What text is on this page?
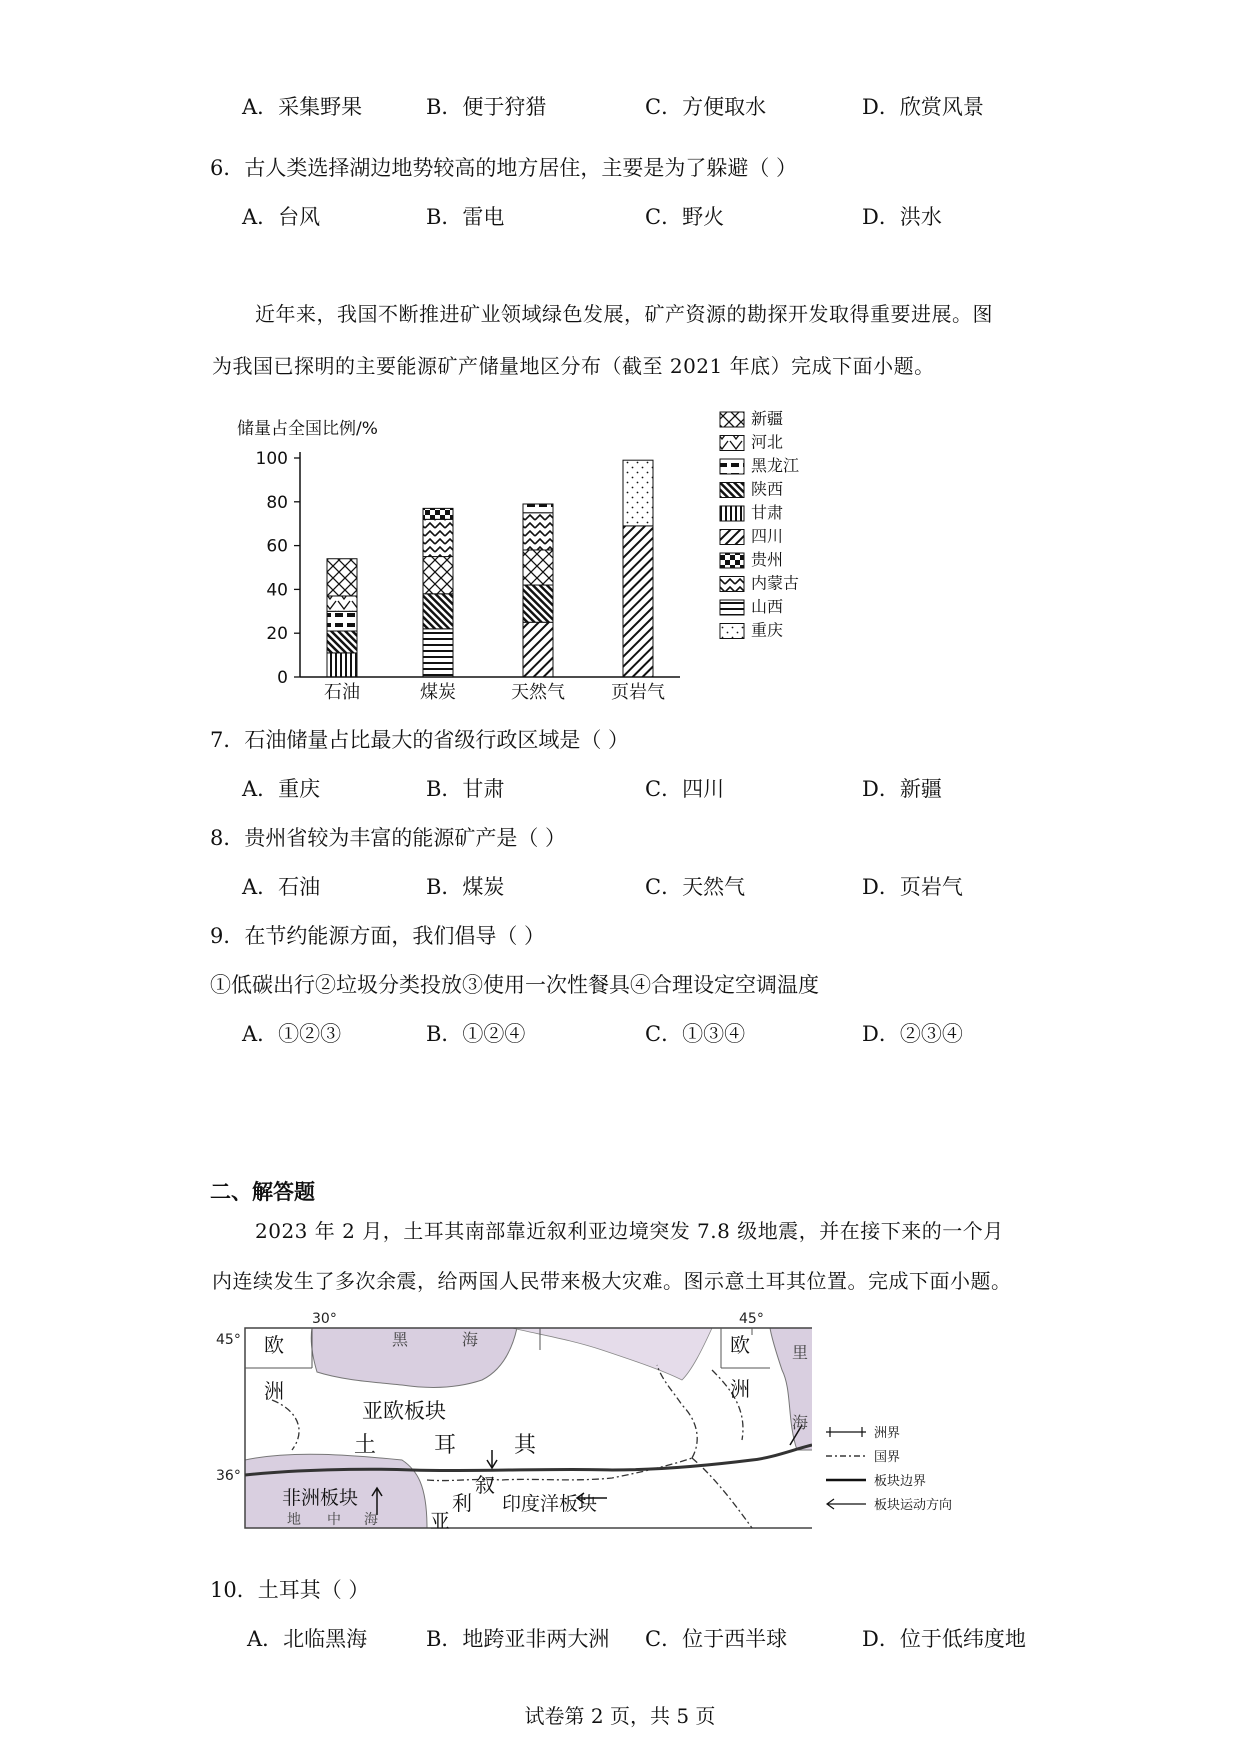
A．采集野果	B．便于狩猎	C．方便取水	D．欣赏风景
6．古人类选择湖边地势较高的地方居住，主要是为了躲避（ ）
A．台风	B．雷电	C．野火	D．洪水
近年来，我国不断推进矿业领域绿色发展，矿产资源的勘探开发取得重要进展。图
为我国已探明的主要能源矿产储量地区分布（截至 2021 年底）完成下面小题。
储量占全国比例/%
100
80
60
40
20
0
石油	煤炭	天然气	页岩气
新疆
河北
黑龙江
陕西
甘肃
四川
贵州
内蒙古
山西
重庆
7．石油储量占比最大的省级行政区域是（ ）
A．重庆	B．甘肃	C．四川	D．新疆
8．贵州省较为丰富的能源矿产是（ ）
A．石油	B．煤炭	C．天然气	D．页岩气
9．在节约能源方面，我们倡导（ ）
①低碳出行②垃圾分类投放③使用一次性餐具④合理设定空调温度
A．①②③	B．①②④	C．①③④	D．②③④
二、解答题
2023 年 2 月，土耳其南部靠近叙利亚边境突发 7.8 级地震，并在接下来的一个月
内连续发生了多次余震，给两国人民带来极大灾难。图示意土耳其位置。完成下面小题。
30°	45°
45°
36°
欧
洲
黑	海	欧
洲
里
海
亚欧板块
土	耳	其
非洲板块
地 中 海
叙
利
亚
印度洋板块
洲界
国界
板块边界
板块运动方向
10．土耳其（ ）
A．北临黑海	B．地跨亚非两大洲 C．位于西半球	D．位于低纬度地
试卷第 2 页，共 5 页
